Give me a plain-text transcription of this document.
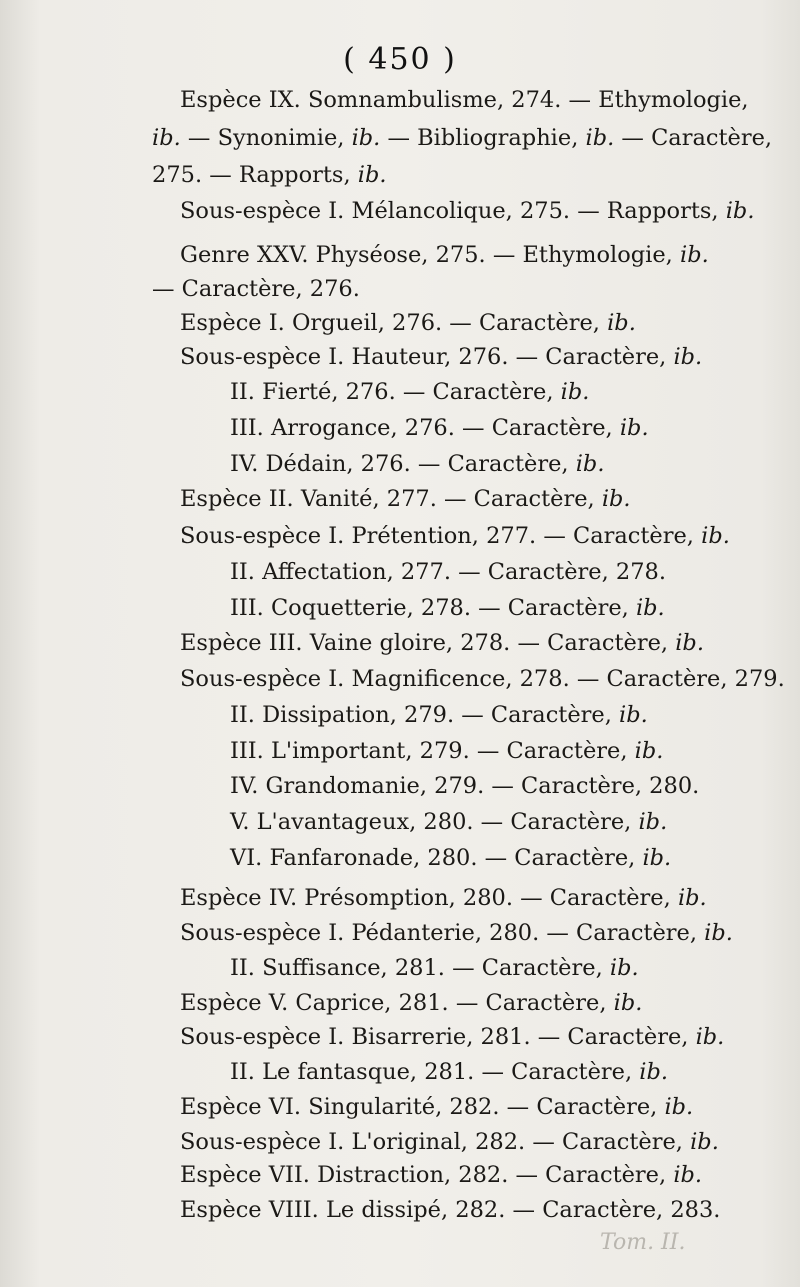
( 450 )
Espèce IX. Somnambulisme, 274. — Ethymologie,
ib. — Synonimie, ib. — Bibliographie, ib. — Caractère,
275. — Rapports, ib.
Sous-espèce I. Mélancolique, 275. — Rapports, ib.
Genre XXV. Physéose, 275. — Ethymologie, ib.
— Caractère, 276.
Espèce I. Orgueil, 276. — Caractère, ib.
Sous-espèce I. Hauteur, 276. — Caractère, ib.
II. Fierté, 276. — Caractère, ib.
III. Arrogance, 276. — Caractère, ib.
IV. Dédain, 276. — Caractère, ib.
Espèce II. Vanité, 277. — Caractère, ib.
Sous-espèce I. Prétention, 277. — Caractère, ib.
II. Affectation, 277. — Caractère, 278.
III. Coquetterie, 278. — Caractère, ib.
Espèce III. Vaine gloire, 278. — Caractère, ib.
Sous-espèce I. Magnificence, 278. — Caractère, 279.
II. Dissipation, 279. — Caractère, ib.
III. L'important, 279. — Caractère, ib.
IV. Grandomanie, 279. — Caractère, 280.
V. L'avantageux, 280. — Caractère, ib.
VI. Fanfaronade, 280. — Caractère, ib.
Espèce IV. Présomption, 280. — Caractère, ib.
Sous-espèce I. Pédanterie, 280. — Caractère, ib.
II. Suffisance, 281. — Caractère, ib.
Espèce V. Caprice, 281. — Caractère, ib.
Sous-espèce I. Bisarrerie, 281. — Caractère, ib.
II. Le fantasque, 281. — Caractère, ib.
Espèce VI. Singularité, 282. — Caractère, ib.
Sous-espèce I. L'original, 282. — Caractère, ib.
Espèce VII. Distraction, 282. — Caractère, ib.
Espèce VIII. Le dissipé, 282. — Caractère, 283.
Tom. II.
